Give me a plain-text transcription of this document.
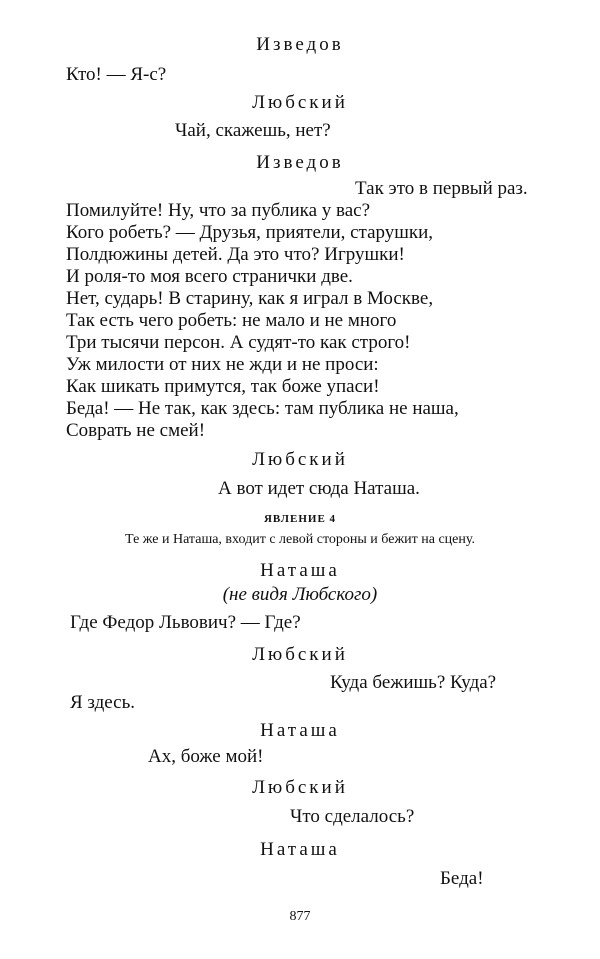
Изведов
Кто! — Я-с?
Любский
Чай, скажешь, нет?
Изведов
Так это в первый раз.
Помилуйте! Ну, что за публика у вас?
Кого робеть? — Друзья, приятели, старушки,
Полдюжины детей. Да это что? Игрушки!
И роля-то моя всего странички две.
Нет, сударь! В старину, как я играл в Москве,
Так есть чего робеть: не мало и не много
Три тысячи персон. А судят-то как строго!
Уж милости от них не жди и не проси:
Как шикать примутся, так боже упаси!
Беда! — Не так, как здесь: там публика не наша,
Соврать не смей!
Любский
А вот идет сюда Наташа.
ЯВЛЕНИЕ 4
Те же и Наташа, входит с левой стороны и бежит на сцену.
Наташа
(не видя Любского)
Где Федор Львович? — Где?
Любский
Куда бежишь? Куда?
Я здесь.
Наташа
Ах, боже мой!
Любский
Что сделалось?
Наташа
Беда!
877
